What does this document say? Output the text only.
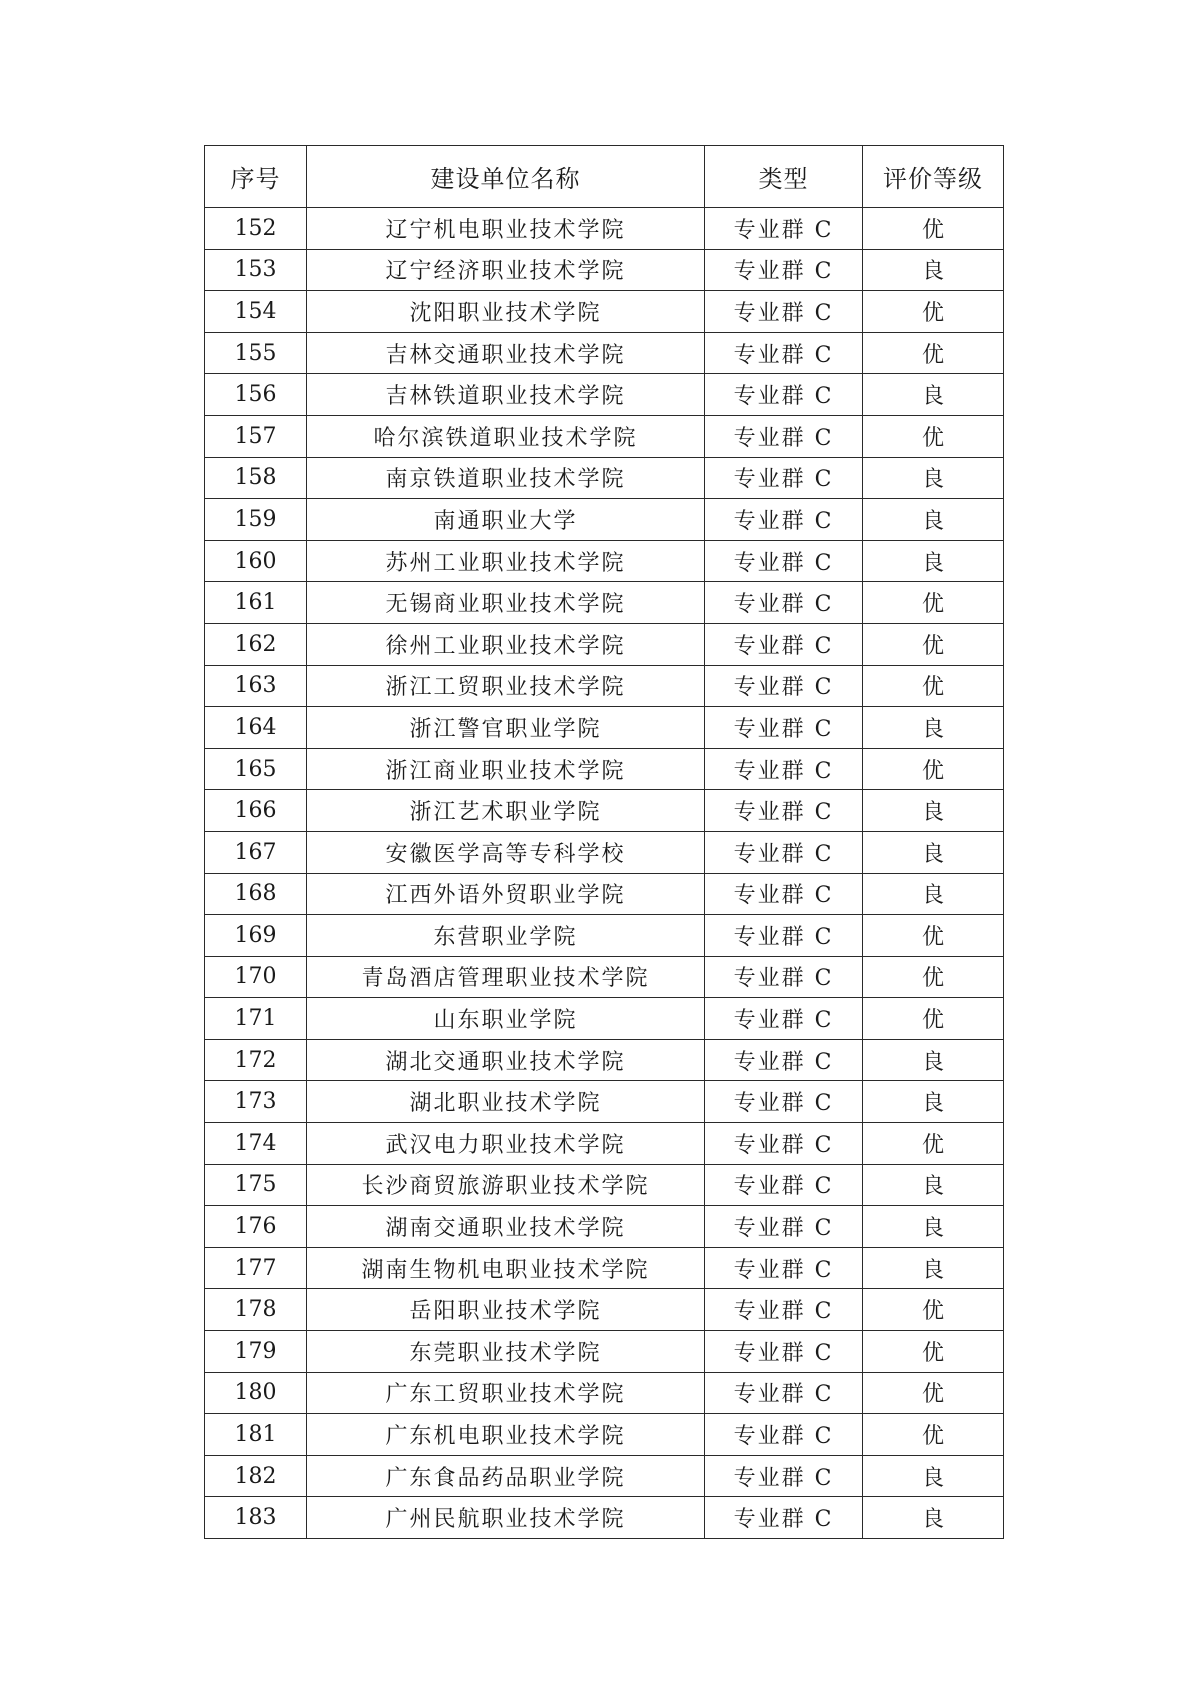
序号	建设单位名称	类型	评价等级
152	辽宁机电职业技术学院	专业群 C	优
153	辽宁经济职业技术学院	专业群 C	良
154	沈阳职业技术学院	专业群 C	优
155	吉林交通职业技术学院	专业群 C	优
156	吉林铁道职业技术学院	专业群 C	良
157	哈尔滨铁道职业技术学院	专业群 C	优
158	南京铁道职业技术学院	专业群 C	良
159	南通职业大学	专业群 C	良
160	苏州工业职业技术学院	专业群 C	良
161	无锡商业职业技术学院	专业群 C	优
162	徐州工业职业技术学院	专业群 C	优
163	浙江工贸职业技术学院	专业群 C	优
164	浙江警官职业学院	专业群 C	良
165	浙江商业职业技术学院	专业群 C	优
166	浙江艺术职业学院	专业群 C	良
167	安徽医学高等专科学校	专业群 C	良
168	江西外语外贸职业学院	专业群 C	良
169	东营职业学院	专业群 C	优
170	青岛酒店管理职业技术学院	专业群 C	优
171	山东职业学院	专业群 C	优
172	湖北交通职业技术学院	专业群 C	良
173	湖北职业技术学院	专业群 C	良
174	武汉电力职业技术学院	专业群 C	优
175	长沙商贸旅游职业技术学院	专业群 C	良
176	湖南交通职业技术学院	专业群 C	良
177	湖南生物机电职业技术学院	专业群 C	良
178	岳阳职业技术学院	专业群 C	优
179	东莞职业技术学院	专业群 C	优
180	广东工贸职业技术学院	专业群 C	优
181	广东机电职业技术学院	专业群 C	优
182	广东食品药品职业学院	专业群 C	良
183	广州民航职业技术学院	专业群 C	良
